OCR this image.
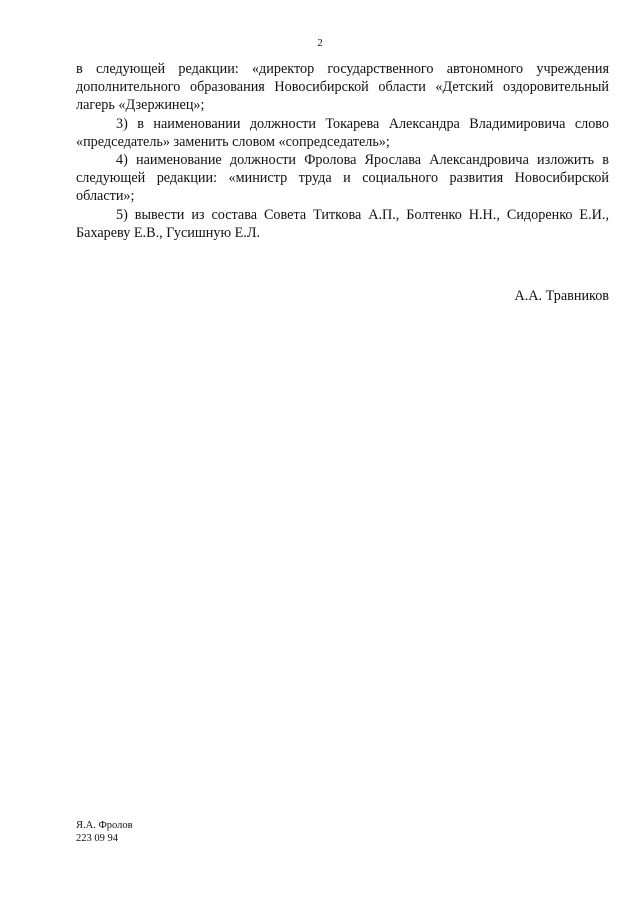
2

в следующей редакции: «директор государственного автономного учреждения дополнительного образования Новосибирской области «Детский оздоровительный лагерь «Дзержинец»;

3) в наименовании должности Токарева Александра Владимировича слово «председатель» заменить словом «сопредседатель»;

4) наименование должности Фролова Ярослава Александровича изложить в следующей редакции: «министр труда и социального развития Новосибирской области»;

5) вывести из состава Совета Титкова А.П., Болтенко Н.Н., Сидоренко Е.И., Бахареву Е.В., Гусишную Е.Л.

А.А. Травников
Я.А. Фролов
223 09 94
